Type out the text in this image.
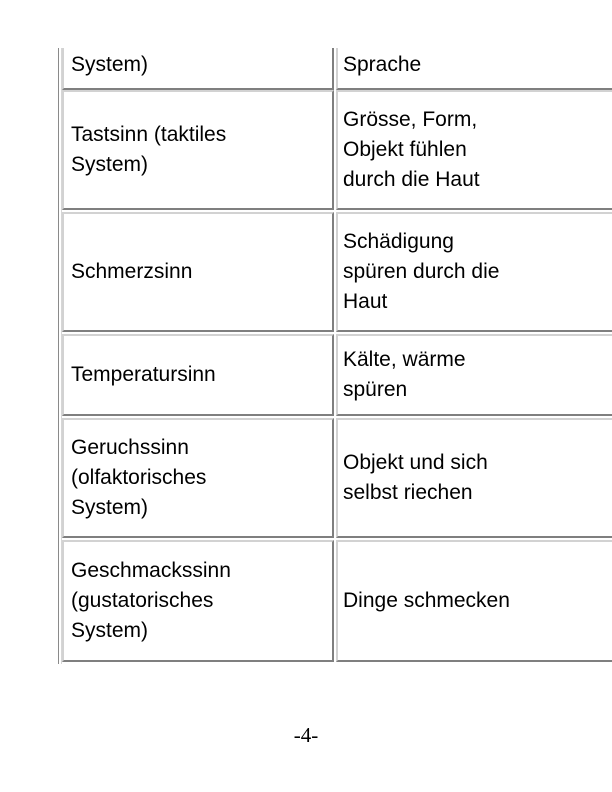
System)	Sprache
Tastsinn (taktiles
System)
Grösse, Form,
Objekt fühlen
durch die Haut
Schmerzsinn
Schädigung
spüren durch die
Haut
Temperatursinn
Kälte, wärme
spüren
Geruchssinn
(olfaktorisches
System)
Objekt und sich
selbst riechen
Geschmackssinn
(gustatorisches
System)
Dinge schmecken
-4-
